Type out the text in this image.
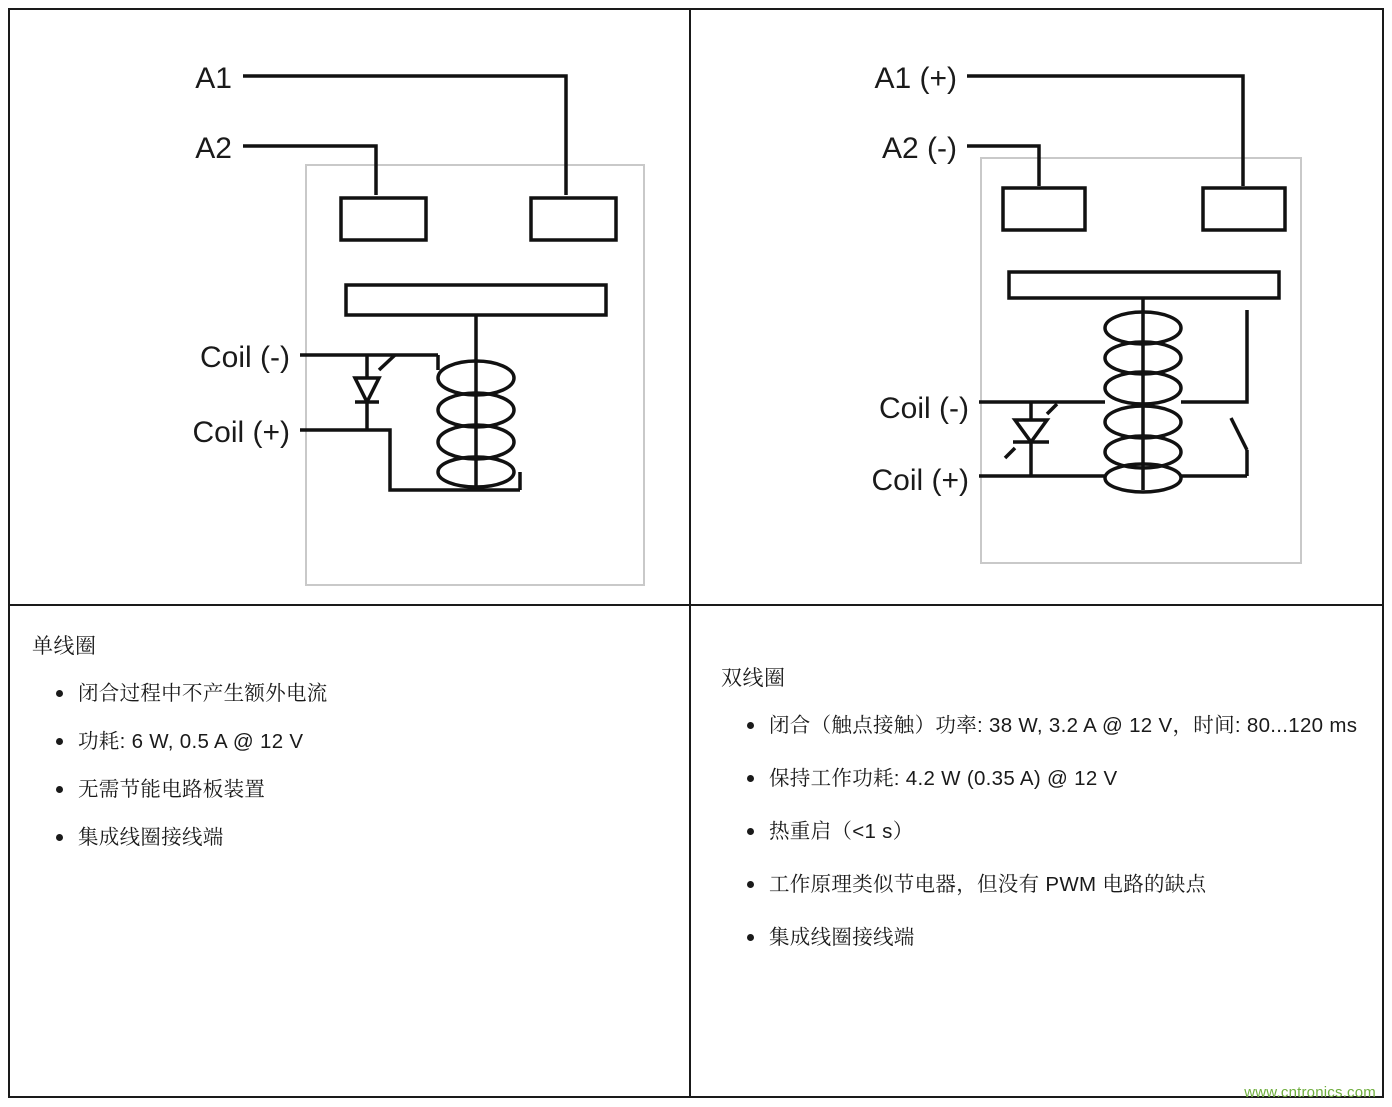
A1
A2
Coil (-)
Coil (+)
A1 (+)
A2 (-)
Coil (-)
Coil (+)

单线圈

闭合过程中不产生额外电流
功耗: 6 W, 0.5 A @ 12 V
无需节能电路板装置
集成线圈接线端

双线圈

闭合（触点接触）功率: 38 W, 3.2 A @ 12 V，时间: 80...120 ms
保持工作功耗: 4.2 W (0.35 A) @ 12 V
热重启（<1 s）
工作原理类似节电器，但没有 PWM 电路的缺点
集成线圈接线端
www.cntronics.com
